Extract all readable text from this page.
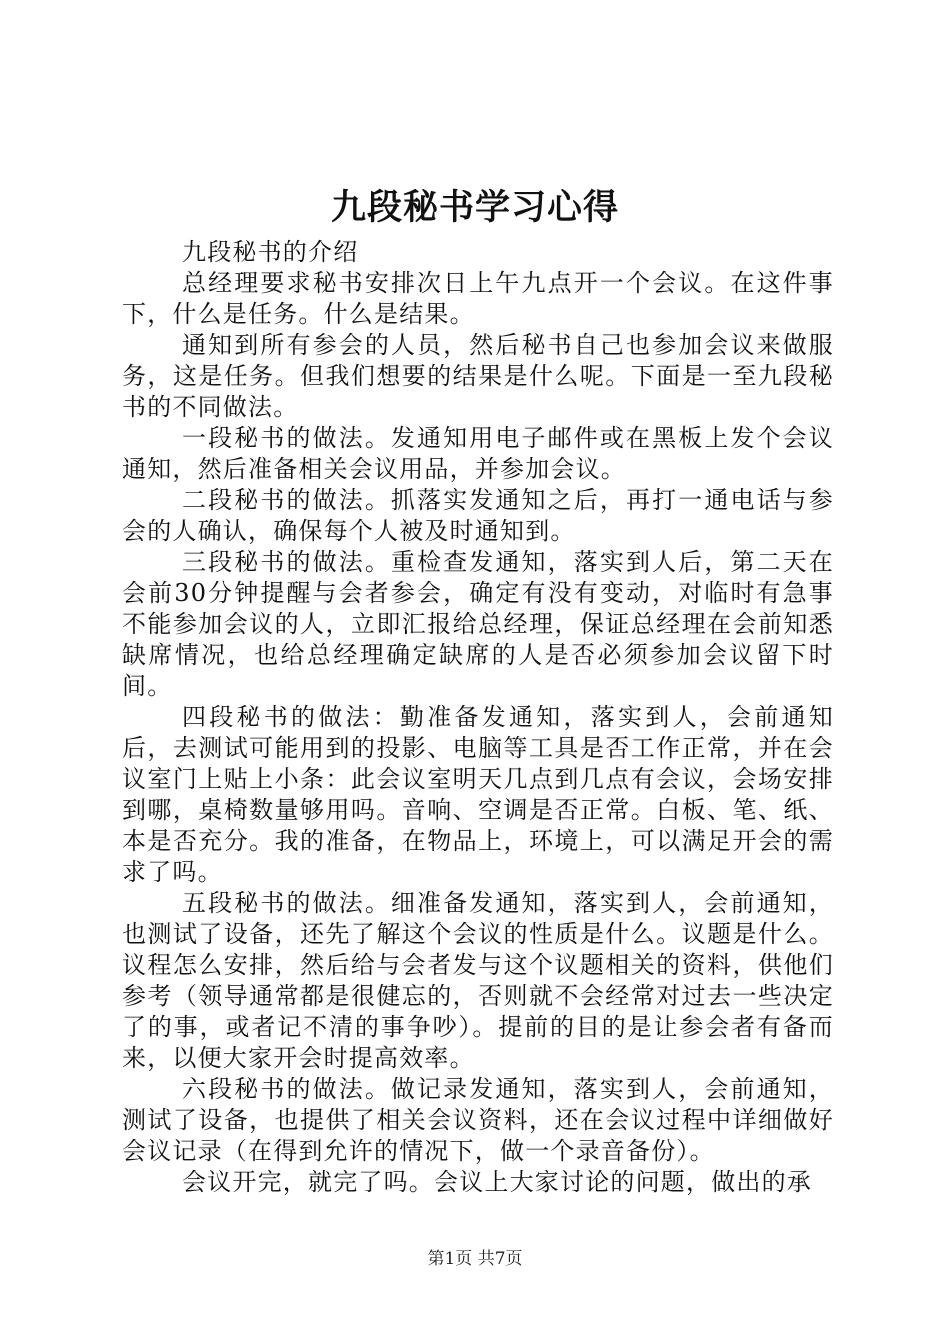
九段秘书学习心得

九段秘书的介绍

总经理要求秘书安排次日上午九点开一个会议。在这件事下，什么是任务。什么是结果。

通知到所有参会的人员，然后秘书自己也参加会议来做服务，这是任务。但我们想要的结果是什么呢。下面是一至九段秘书的不同做法。

一段秘书的做法。发通知用电子邮件或在黑板上发个会议通知，然后准备相关会议用品，并参加会议。

二段秘书的做法。抓落实发通知之后，再打一通电话与参会的人确认，确保每个人被及时通知到。

三段秘书的做法。重检查发通知，落实到人后，第二天在会前30分钟提醒与会者参会，确定有没有变动，对临时有急事不能参加会议的人，立即汇报给总经理，保证总经理在会前知悉缺席情况，也给总经理确定缺席的人是否必须参加会议留下时间。

四段秘书的做法：勤准备发通知，落实到人，会前通知后，去测试可能用到的投影、电脑等工具是否工作正常，并在会议室门上贴上小条：此会议室明天几点到几点有会议，会场安排到哪，桌椅数量够用吗。音响、空调是否正常。白板、笔、纸、本是否充分。我的准备，在物品上，环境上，可以满足开会的需求了吗。

五段秘书的做法。细准备发通知，落实到人，会前通知，也测试了设备，还先了解这个会议的性质是什么。议题是什么。议程怎么安排，然后给与会者发与这个议题相关的资料，供他们参考（领导通常都是很健忘的，否则就不会经常对过去一些决定了的事，或者记不清的事争吵）。提前的目的是让参会者有备而来，以便大家开会时提高效率。

六段秘书的做法。做记录发通知，落实到人，会前通知，测试了设备，也提供了相关会议资料，还在会议过程中详细做好会议记录（在得到允许的情况下，做一个录音备份）。

会议开完，就完了吗。会议上大家讨论的问题，做出的承

第1页 共7页
